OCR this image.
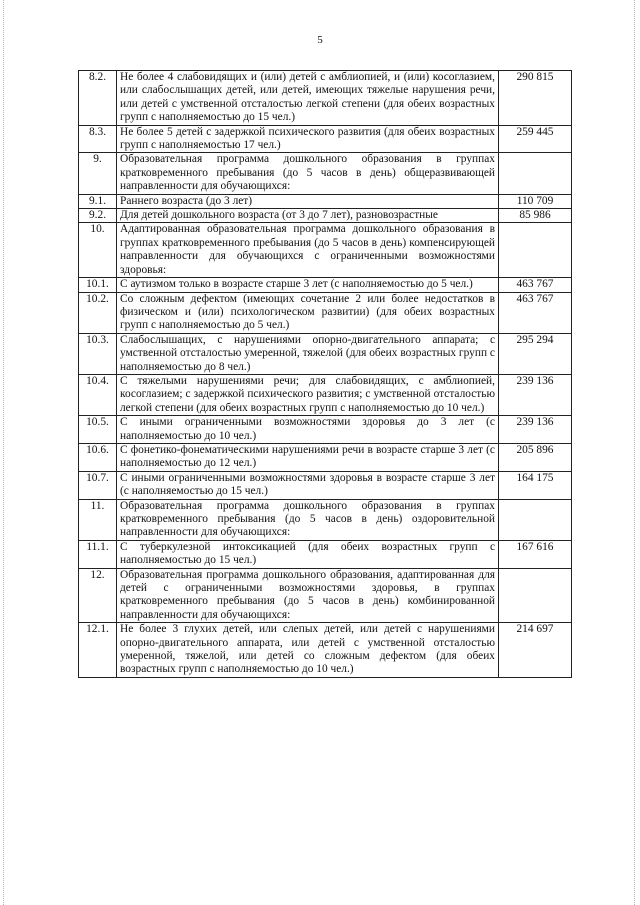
5
8.2.	Не более 4 слабовидящих и (или) детей с амблиопией, и (или) косоглазием, или слабослышащих детей, или детей, имеющих тяжелые нарушения речи, или детей с умственной отсталостью легкой степени (для обеих возрастных групп с наполняемостью до 15 чел.)	290 815
8.3.	Не более 5 детей с задержкой психического развития (для обеих возрастных групп с наполняемостью 17 чел.)	259 445
9.	Образовательная программа дошкольного образования в группах кратковременного пребывания (до 5 часов в день) общеразвивающей направленности для обучающихся:	
9.1.	Раннего возраста (до 3 лет)	110 709
9.2.	Для детей дошкольного возраста (от 3 до 7 лет), разновозрастные	85 986
10.	Адаптированная образовательная программа дошкольного образования в группах кратковременного пребывания (до 5 часов в день) компенсирующей направленности для обучающихся с ограниченными возможностями здоровья:	
10.1.	С аутизмом только в возрасте старше 3 лет (с наполняемостью до 5 чел.)	463 767
10.2.	Со сложным дефектом (имеющих сочетание 2 или более недостатков в физическом и (или) психологическом развитии) (для обеих возрастных групп с наполняемостью до 5 чел.)	463 767
10.3.	Слабослышащих, с нарушениями опорно-двигательного аппарата; с умственной отсталостью умеренной, тяжелой (для обеих возрастных групп с наполняемостью до 8 чел.)	295 294
10.4.	С тяжелыми нарушениями речи; для слабовидящих, с амблиопией, косоглазием; с задержкой психического развития; с умственной отсталостью легкой степени (для обеих возрастных групп с наполняемостью до 10 чел.)	239 136
10.5.	С иными ограниченными возможностями здоровья до 3 лет (с наполняемостью до 10 чел.)	239 136
10.6.	С фонетико-фонематическими нарушениями речи в возрасте старше 3 лет (с наполняемостью до 12 чел.)	205 896
10.7.	С иными ограниченными возможностями здоровья в возрасте старше 3 лет (с наполняемостью до 15 чел.)	164 175
11.	Образовательная программа дошкольного образования в группах кратковременного пребывания (до 5 часов в день) оздоровительной направленности для обучающихся:	
11.1.	С туберкулезной интоксикацией (для обеих возрастных групп с наполняемостью до 15 чел.)	167 616
12.	Образовательная программа дошкольного образования, адаптированная для детей с ограниченными возможностями здоровья, в группах кратковременного пребывания (до 5 часов в день) комбинированной направленности для обучающихся:	
12.1.	Не более 3 глухих детей, или слепых детей, или детей с нарушениями опорно-двигательного аппарата, или детей с умственной отсталостью умеренной, тяжелой, или детей со сложным дефектом (для обеих возрастных групп с наполняемостью до 10 чел.)	214 697
